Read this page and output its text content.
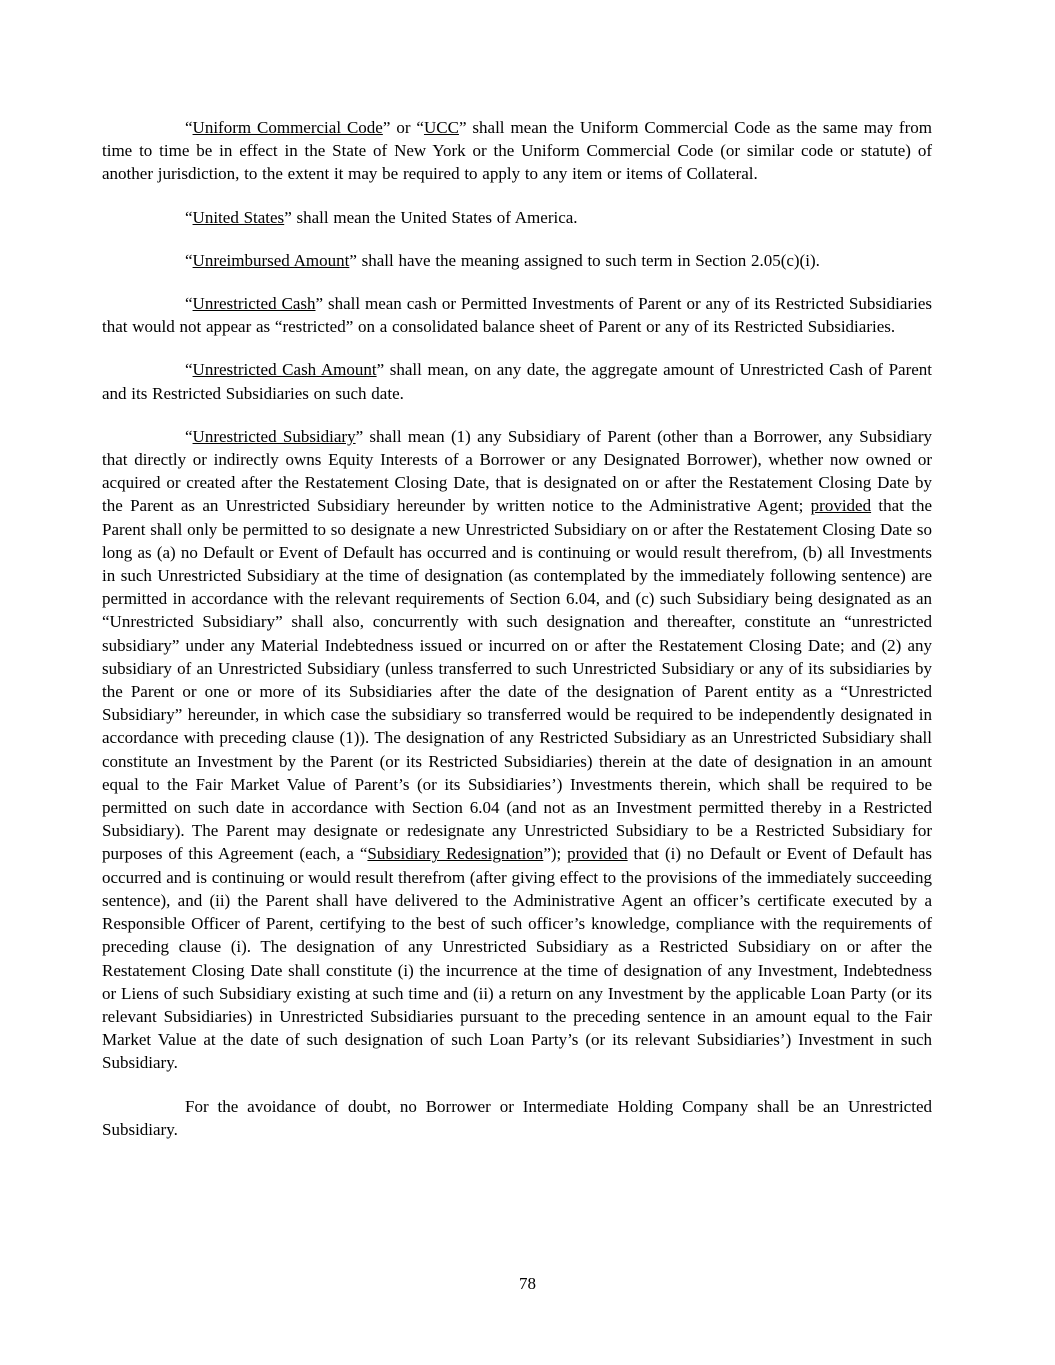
“Uniform Commercial Code” or “UCC” shall mean the Uniform Commercial Code as the same may from time to time be in effect in the State of New York or the Uniform Commercial Code (or similar code or statute) of another jurisdiction, to the extent it may be required to apply to any item or items of Collateral.

“United States” shall mean the United States of America.

“Unreimbursed Amount” shall have the meaning assigned to such term in Section 2.05(c)(i).

“Unrestricted Cash” shall mean cash or Permitted Investments of Parent or any of its Restricted Subsidiaries that would not appear as “restricted” on a consolidated balance sheet of Parent or any of its Restricted Subsidiaries.

“Unrestricted Cash Amount” shall mean, on any date, the aggregate amount of Unrestricted Cash of Parent and its Restricted Subsidiaries on such date.

“Unrestricted Subsidiary” shall mean (1) any Subsidiary of Parent (other than a Borrower, any Subsidiary that directly or indirectly owns Equity Interests of a Borrower or any Designated Borrower), whether now owned or acquired or created after the Restatement Closing Date, that is designated on or after the Restatement Closing Date by the Parent as an Unrestricted Subsidiary hereunder by written notice to the Administrative Agent; provided that the Parent shall only be permitted to so designate a new Unrestricted Subsidiary on or after the Restatement Closing Date so long as (a) no Default or Event of Default has occurred and is continuing or would result therefrom, (b) all Investments in such Unrestricted Subsidiary at the time of designation (as contemplated by the immediately following sentence) are permitted in accordance with the relevant requirements of Section 6.04, and (c) such Subsidiary being designated as an “Unrestricted Subsidiary” shall also, concurrently with such designation and thereafter, constitute an “unrestricted subsidiary” under any Material Indebtedness issued or incurred on or after the Restatement Closing Date; and (2) any subsidiary of an Unrestricted Subsidiary (unless transferred to such Unrestricted Subsidiary or any of its subsidiaries by the Parent or one or more of its Subsidiaries after the date of the designation of Parent entity as a “Unrestricted Subsidiary” hereunder, in which case the subsidiary so transferred would be required to be independently designated in accordance with preceding clause (1)). The designation of any Restricted Subsidiary as an Unrestricted Subsidiary shall constitute an Investment by the Parent (or its Restricted Subsidiaries) therein at the date of designation in an amount equal to the Fair Market Value of Parent’s (or its Subsidiaries’) Investments therein, which shall be required to be permitted on such date in accordance with Section 6.04 (and not as an Investment permitted thereby in a Restricted Subsidiary). The Parent may designate or redesignate any Unrestricted Subsidiary to be a Restricted Subsidiary for purposes of this Agreement (each, a “Subsidiary Redesignation”); provided that (i) no Default or Event of Default has occurred and is continuing or would result therefrom (after giving effect to the provisions of the immediately succeeding sentence), and (ii) the Parent shall have delivered to the Administrative Agent an officer’s certificate executed by a Responsible Officer of Parent, certifying to the best of such officer’s knowledge, compliance with the requirements of preceding clause (i). The designation of any Unrestricted Subsidiary as a Restricted Subsidiary on or after the Restatement Closing Date shall constitute (i) the incurrence at the time of designation of any Investment, Indebtedness or Liens of such Subsidiary existing at such time and (ii) a return on any Investment by the applicable Loan Party (or its relevant Subsidiaries) in Unrestricted Subsidiaries pursuant to the preceding sentence in an amount equal to the Fair Market Value at the date of such designation of such Loan Party’s (or its relevant Subsidiaries’) Investment in such Subsidiary.

For the avoidance of doubt, no Borrower or Intermediate Holding Company shall be an Unrestricted Subsidiary.

78
